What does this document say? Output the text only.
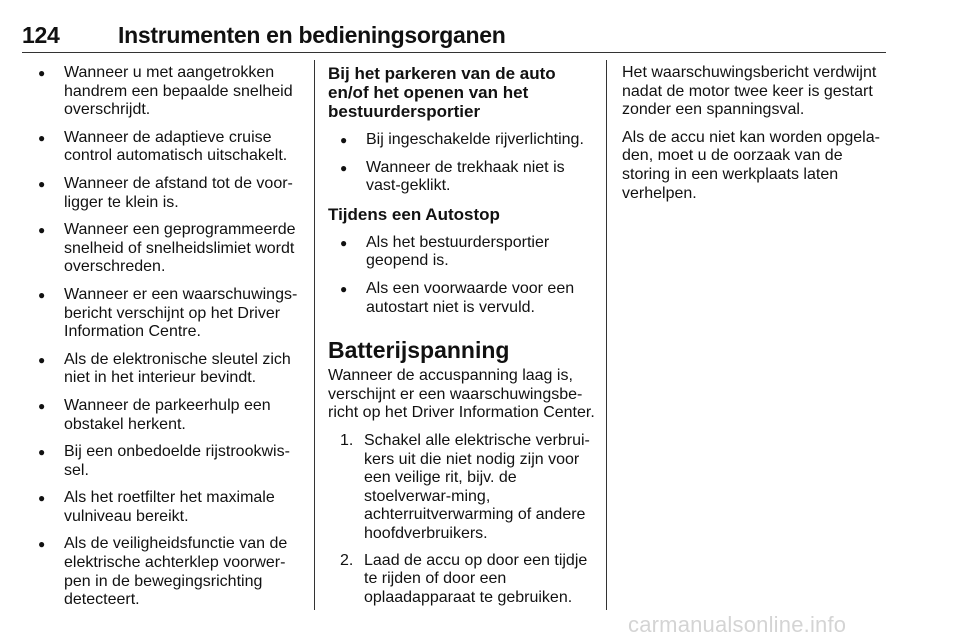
124	Instrumenten en bedieningsorganen
● Wanneer u met aangetrokken handrem een bepaalde snelheid overschrijdt.
● Wanneer de adaptieve cruise control automatisch uitschakelt.
● Wanneer de afstand tot de voor-ligger te klein is.
● Wanneer een geprogrammeerde snelheid of snelheidslimiet wordt overschreden.
● Wanneer er een waarschuwings-bericht verschijnt op het Driver Information Centre.
● Als de elektronische sleutel zich niet in het interieur bevindt.
● Wanneer de parkeerhulp een obstakel herkent.
● Bij een onbedoelde rijstrookwis-sel.
● Als het roetfilter het maximale vulniveau bereikt.
● Als de veiligheidsfunctie van de elektrische achterklep voorwer-pen in de bewegingsrichting detecteert.
Bij het parkeren van de auto en/of het openen van het bestuurdersportier
● Bij ingeschakelde rijverlichting.
● Wanneer de trekhaak niet is vast-geklikt.
Tijdens een Autostop
● Als het bestuurdersportier geopend is.
● Als een voorwaarde voor een autostart niet is vervuld.
Batterijspanning

Wanneer de accuspanning laag is, verschijnt er een waarschuwingsbe-richt op het Driver Information Center.

1. Schakel alle elektrische verbrui-kers uit die niet nodig zijn voor een veilige rit, bijv. de stoelverwar-ming, achterruitverwarming of andere hoofdverbruikers.
2. Laad de accu op door een tijdje te rijden of door een oplaadapparaat te gebruiken.

Het waarschuwingsbericht verdwijnt nadat de motor twee keer is gestart zonder een spanningsval.

Als de accu niet kan worden opgela-den, moet u de oorzaak van de storing in een werkplaats laten verhelpen.

carmanualsonline.info
